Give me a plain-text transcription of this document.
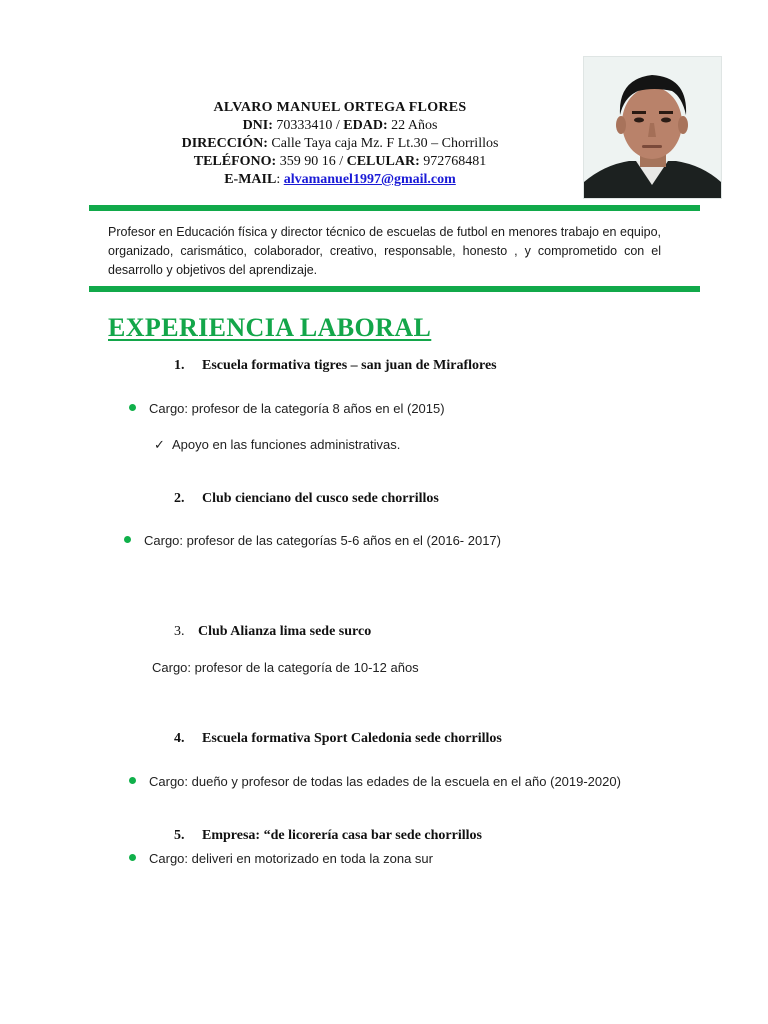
ALVARO MANUEL ORTEGA FLORES
DNI: 70333410 / EDAD: 22 Años
DIRECCIÓN: Calle Taya caja Mz. F Lt.30 – Chorrillos
TELÉFONO: 359 90 16 / CELULAR: 972768481
E-MAIL: alvamanuel1997@gmail.com
Profesor en Educación física y director técnico de escuelas de futbol en menores trabajo en equipo, organizado, carismático, colaborador, creativo, responsable, honesto , y comprometido con el desarrollo y objetivos del aprendizaje.
EXPERIENCIA LABORAL
1. Escuela formativa tigres – san juan de Miraflores
Cargo: profesor de la categoría 8 años en el (2015)
✓ Apoyo en las funciones administrativas.
2. Club cienciano del cusco sede chorrillos
Cargo: profesor de las categorías 5-6 años en el (2016- 2017)
3. Club Alianza lima sede surco
Cargo: profesor de la categoría de 10-12 años
4. Escuela formativa Sport Caledonia sede chorrillos
Cargo: dueño y profesor de todas las edades de la escuela en el año (2019-2020)
5. Empresa: “de licorería casa bar sede chorrillos
Cargo: deliveri en motorizado en toda la zona sur
